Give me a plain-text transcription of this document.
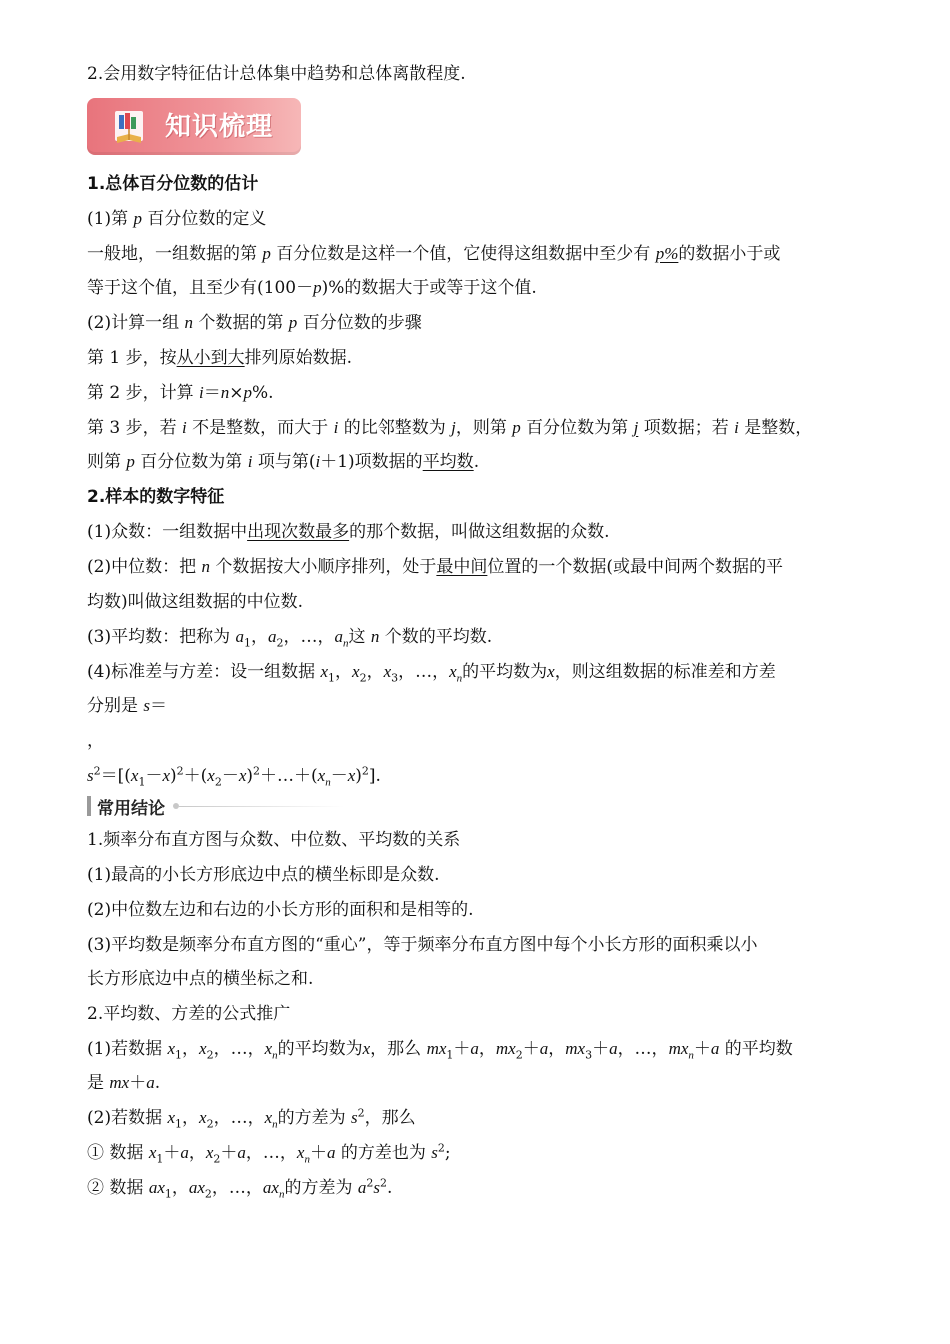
2.会用数字特征估计总体集中趋势和总体离散程度.
1.总体百分位数的估计
(1)第 p 百分位数的定义
一般地，一组数据的第 p 百分位数是这样一个值，它使得这组数据中至少有 p%的数据小于或
等于这个值，且至少有(100－p)%的数据大于或等于这个值.
(2)计算一组 n 个数据的第 p 百分位数的步骤
第 1 步，按从小到大排列原始数据.
第 2 步，计算 i＝n×p%.
第 3 步，若 i 不是整数，而大于 i 的比邻整数为 j，则第 p 百分位数为第 j 项数据；若 i 是整数，
则第 p 百分位数为第 i 项与第(i＋1)项数据的平均数.
2.样本的数字特征
(1)众数：一组数据中出现次数最多的那个数据，叫做这组数据的众数.
(2)中位数：把 n 个数据按大小顺序排列，处于最中间位置的一个数据(或最中间两个数据的平
均数)叫做这组数据的中位数.
(3)平均数：把称为 $a_1$，$a_2$，…，$a_n$这 n 个数的平均数.
(4)标准差与方差：设一组数据 $x_1$，$x_2$，$x_3$，…，$x_n$的平均数为x，则这组数据的标准差和方差
分别是 s＝
，
$s^2=[(x_1-x)^2+(x_2-x)^2+\dots+(x_n-x)^2]$.
1.频率分布直方图与众数、中位数、平均数的关系
(1)最高的小长方形底边中点的横坐标即是众数.
(2)中位数左边和右边的小长方形的面积和是相等的.
(3)平均数是频率分布直方图的“重心”，等于频率分布直方图中每个小长方形的面积乘以小
长方形底边中点的横坐标之和.
2.平均数、方差的公式推广
(1)若数据 $x_1$，$x_2$，…，$x_n$的平均数为x，那么 $mx_1+a$，$mx_2+a$，$mx_3+a$，…，$mx_n+a$ 的平均数
是 mx＋a.
(2)若数据 $x_1$，$x_2$，…，$x_n$的方差为 $s^2$，那么
① 数据 $x_1+a$，$x_2+a$，…，$x_n+a$ 的方差也为 $s^2$;
② 数据 $ax_1$，$ax_2$，…，$ax_n$的方差为 $a^2s^2$.
知识梳理
常用结论
